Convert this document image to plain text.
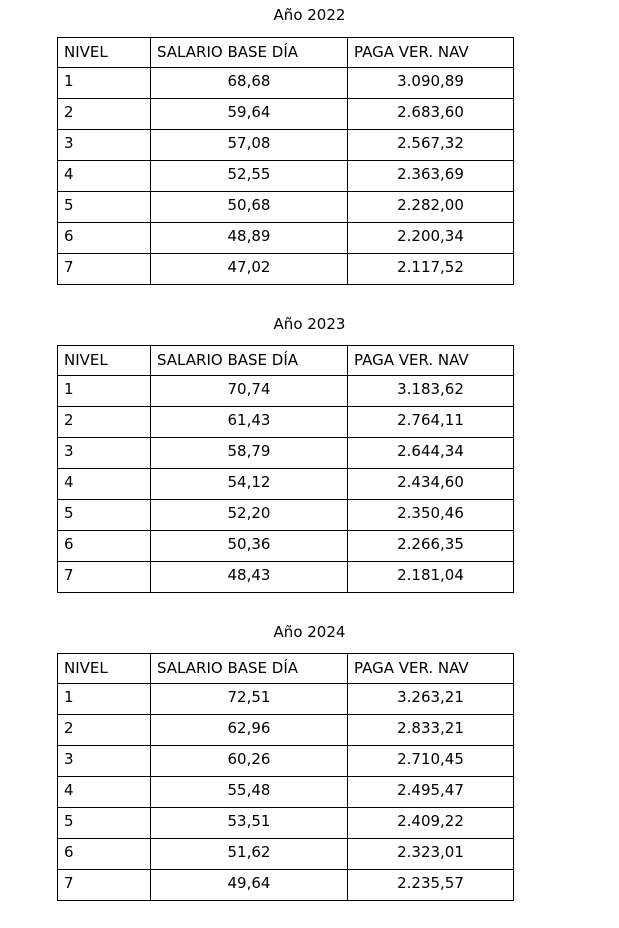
Año 2022
NIVEL	SALARIO BASE DÍA	PAGA VER. NAV
1	68,68	3.090,89
2	59,64	2.683,60
3	57,08	2.567,32
4	52,55	2.363,69
5	50,68	2.282,00
6	48,89	2.200,34
7	47,02	2.117,52
Año 2023
NIVEL	SALARIO BASE DÍA	PAGA VER. NAV
1	70,74	3.183,62
2	61,43	2.764,11
3	58,79	2.644,34
4	54,12	2.434,60
5	52,20	2.350,46
6	50,36	2.266,35
7	48,43	2.181,04
Año 2024
NIVEL	SALARIO BASE DÍA	PAGA VER. NAV
1	72,51	3.263,21
2	62,96	2.833,21
3	60,26	2.710,45
4	55,48	2.495,47
5	53,51	2.409,22
6	51,62	2.323,01
7	49,64	2.235,57
